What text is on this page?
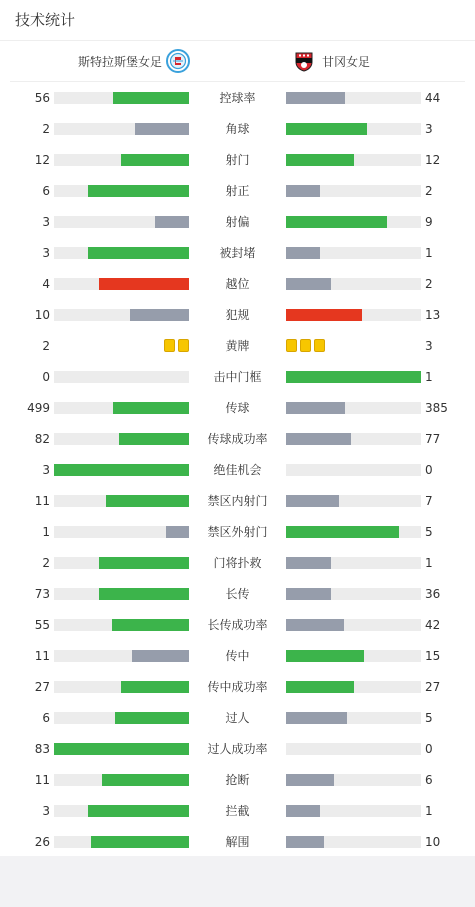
技术统计
斯特拉斯堡女足	甘冈女足
56	控球率	44
2	角球	3
12	射门	12
6	射正	2
3	射偏	9
3	被封堵	1
4	越位	2
10	犯规	13
2	黄牌	3
0	击中门框	1
499	传球	385
82	传球成功率	77
3	绝佳机会	0
11	禁区内射门	7
1	禁区外射门	5
2	门将扑救	1
73	长传	36
55	长传成功率	42
11	传中	15
27	传中成功率	27
6	过人	5
83	过人成功率	0
11	抢断	6
3	拦截	1
26	解围	10
